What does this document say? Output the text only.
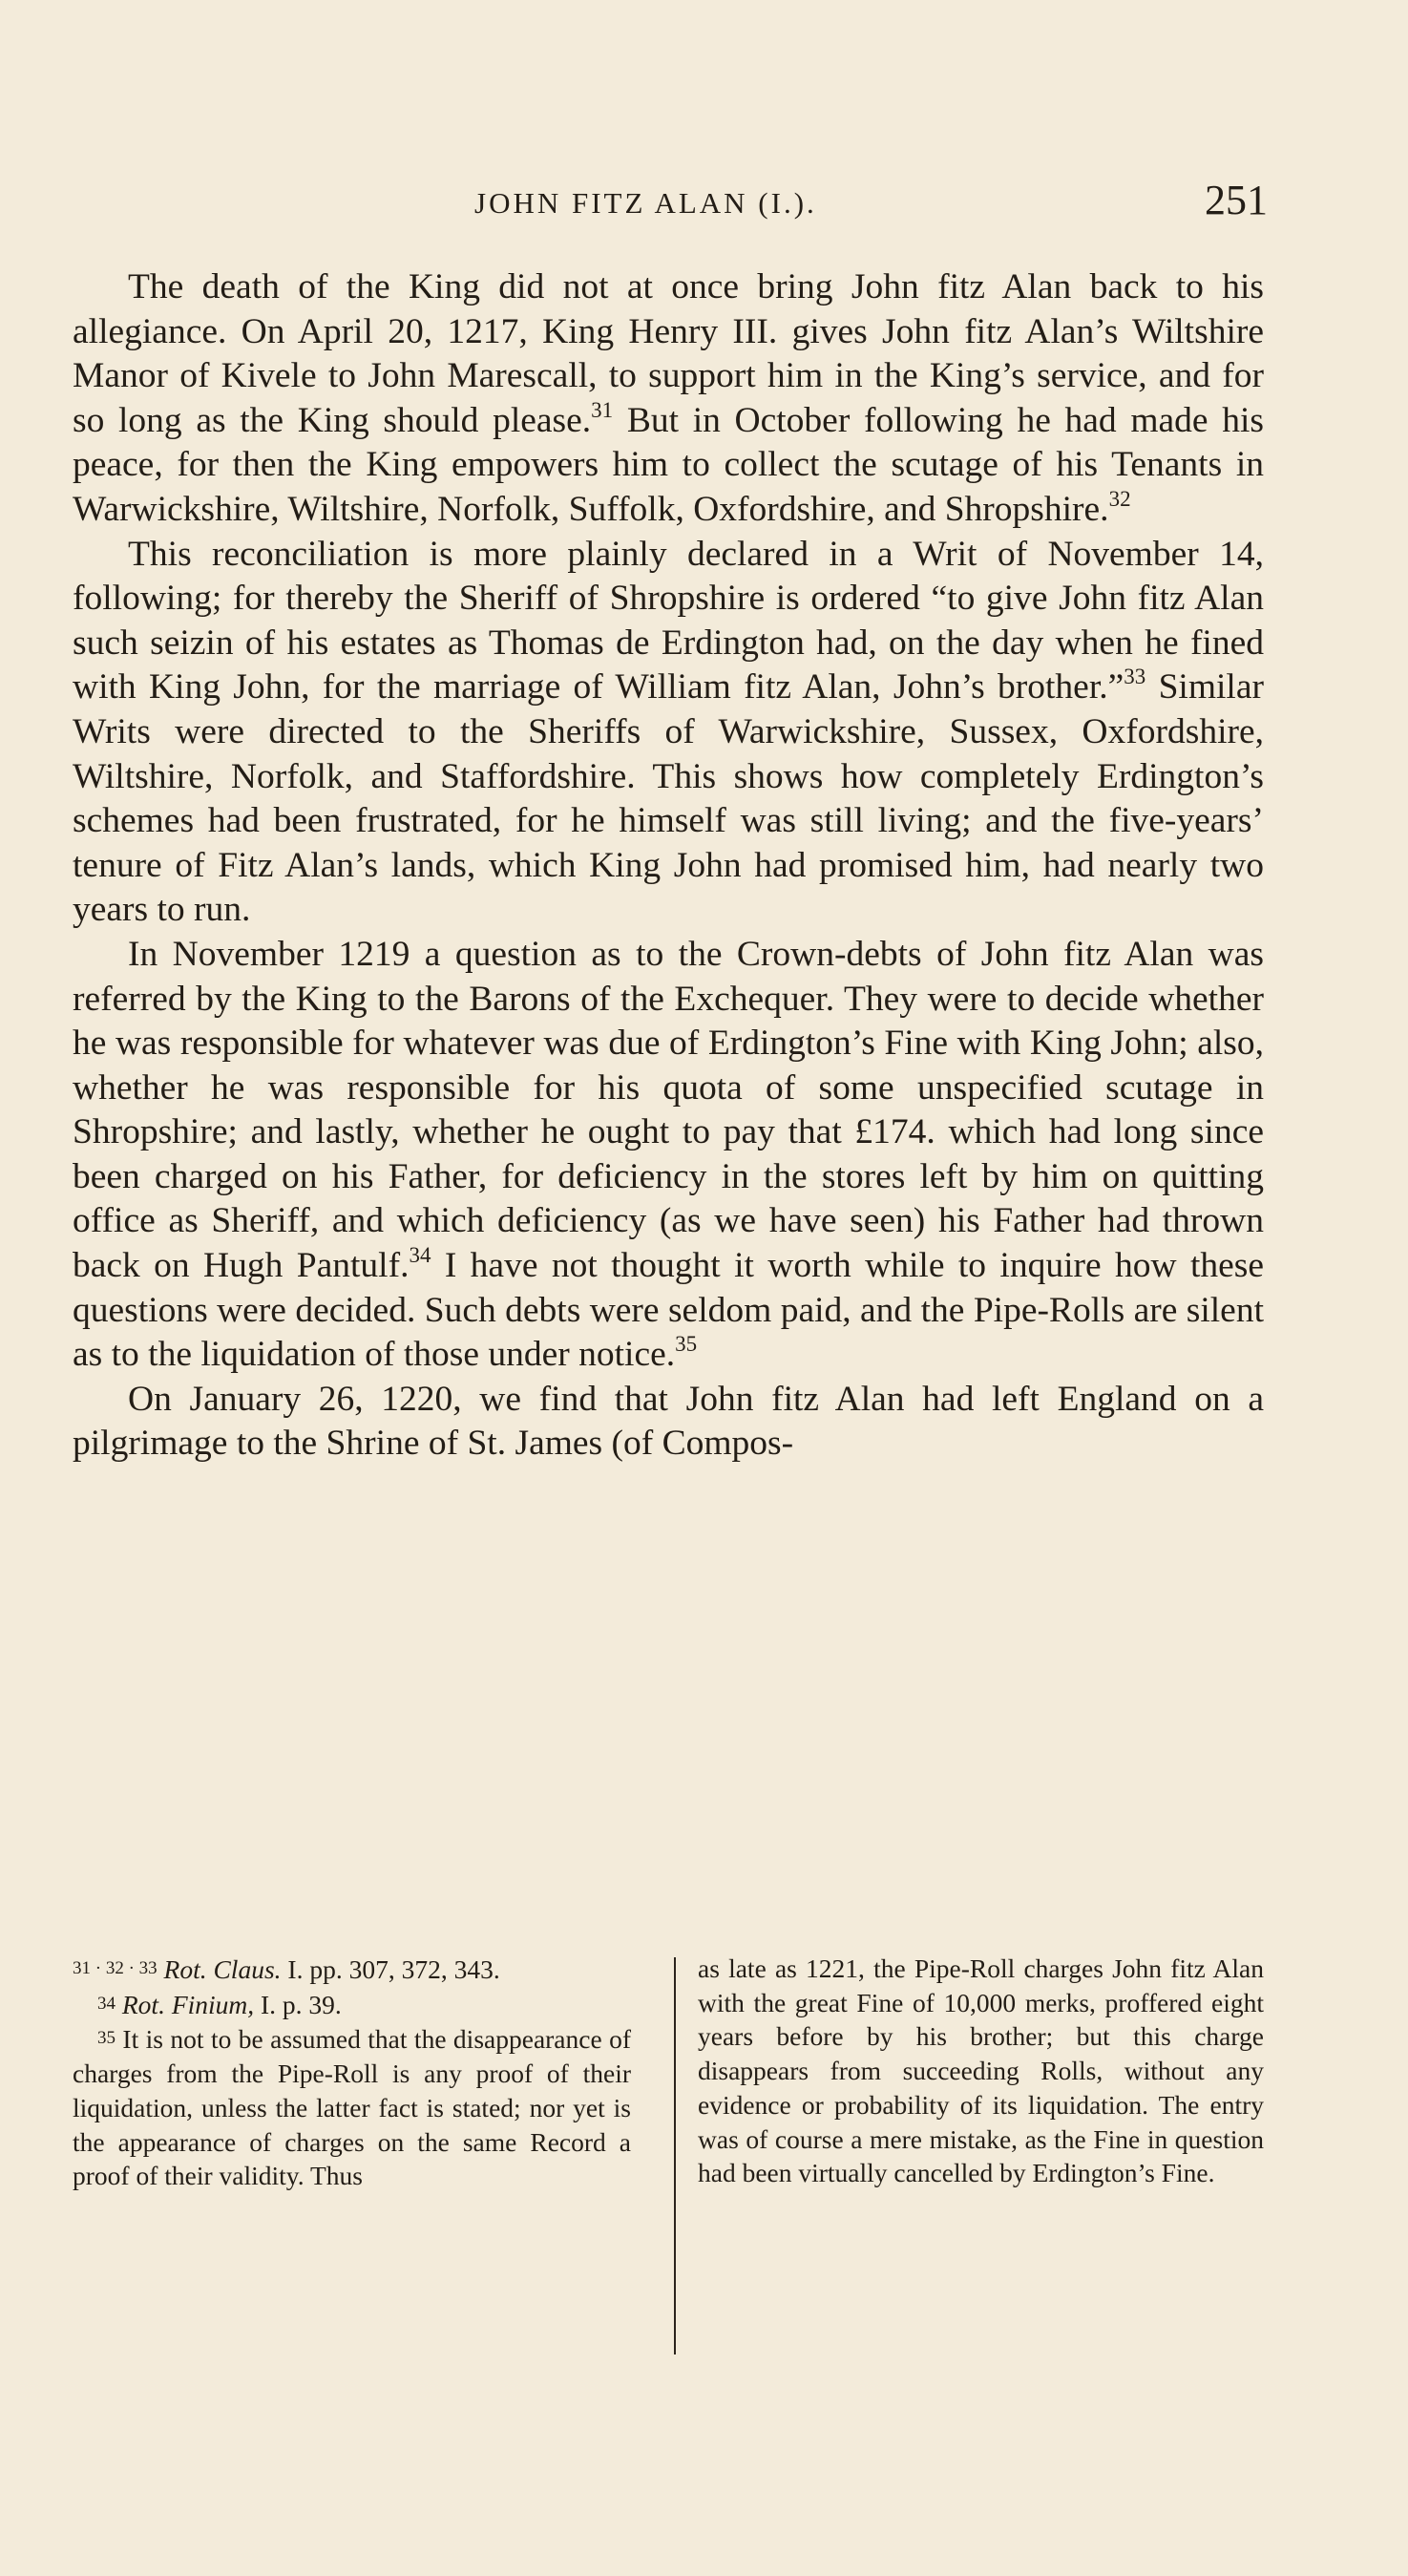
JOHN FITZ ALAN (I.).	251

The death of the King did not at once bring John fitz Alan back to his allegiance. On April 20, 1217, King Henry III. gives John fitz Alan’s Wiltshire Manor of Kivele to John Marescall, to support him in the King’s service, and for so long as the King should please.$^{31}$ But in October following he had made his peace, for then the King empowers him to collect the scutage of his Tenants in Warwickshire, Wiltshire, Norfolk, Suffolk, Oxfordshire, and Shropshire.$^{32}$

This reconciliation is more plainly declared in a Writ of November 14, following; for thereby the Sheriff of Shropshire is ordered “to give John fitz Alan such seizin of his estates as Thomas de Erdington had, on the day when he fined with King John, for the marriage of William fitz Alan, John’s brother.”$^{33}$ Similar Writs were directed to the Sheriffs of Warwickshire, Sussex, Oxfordshire, Wiltshire, Norfolk, and Staffordshire. This shows how completely Erdington’s schemes had been frustrated, for he himself was still living; and the five-years’ tenure of Fitz Alan’s lands, which King John had promised him, had nearly two years to run.

In November 1219 a question as to the Crown-debts of John fitz Alan was referred by the King to the Barons of the Exchequer. They were to decide whether he was responsible for whatever was due of Erdington’s Fine with King John; also, whether he was responsible for his quota of some unspecified scutage in Shropshire; and lastly, whether he ought to pay that £174. which had long since been charged on his Father, for deficiency in the stores left by him on quitting office as Sheriff, and which deficiency (as we have seen) his Father had thrown back on Hugh Pantulf.$^{34}$ I have not thought it worth while to inquire how these questions were decided. Such debts were seldom paid, and the Pipe-Rolls are silent as to the liquidation of those under notice.$^{35}$

On January 26, 1220, we find that John fitz Alan had left England on a pilgrimage to the Shrine of St. James (of Compos-

31 · 32 · 33 Rot. Claus. I. pp. 307, 372, 343.

34 Rot. Finium, I. p. 39.

35 It is not to be assumed that the disappearance of charges from the Pipe-Roll is any proof of their liquidation, unless the latter fact is stated; nor yet is the appearance of charges on the same Record a proof of their validity. Thus

as late as 1221, the Pipe-Roll charges John fitz Alan with the great Fine of 10,000 merks, proffered eight years before by his brother; but this charge disappears from succeeding Rolls, without any evidence or probability of its liquidation. The entry was of course a mere mistake, as the Fine in question had been virtually cancelled by Erdington’s Fine.
